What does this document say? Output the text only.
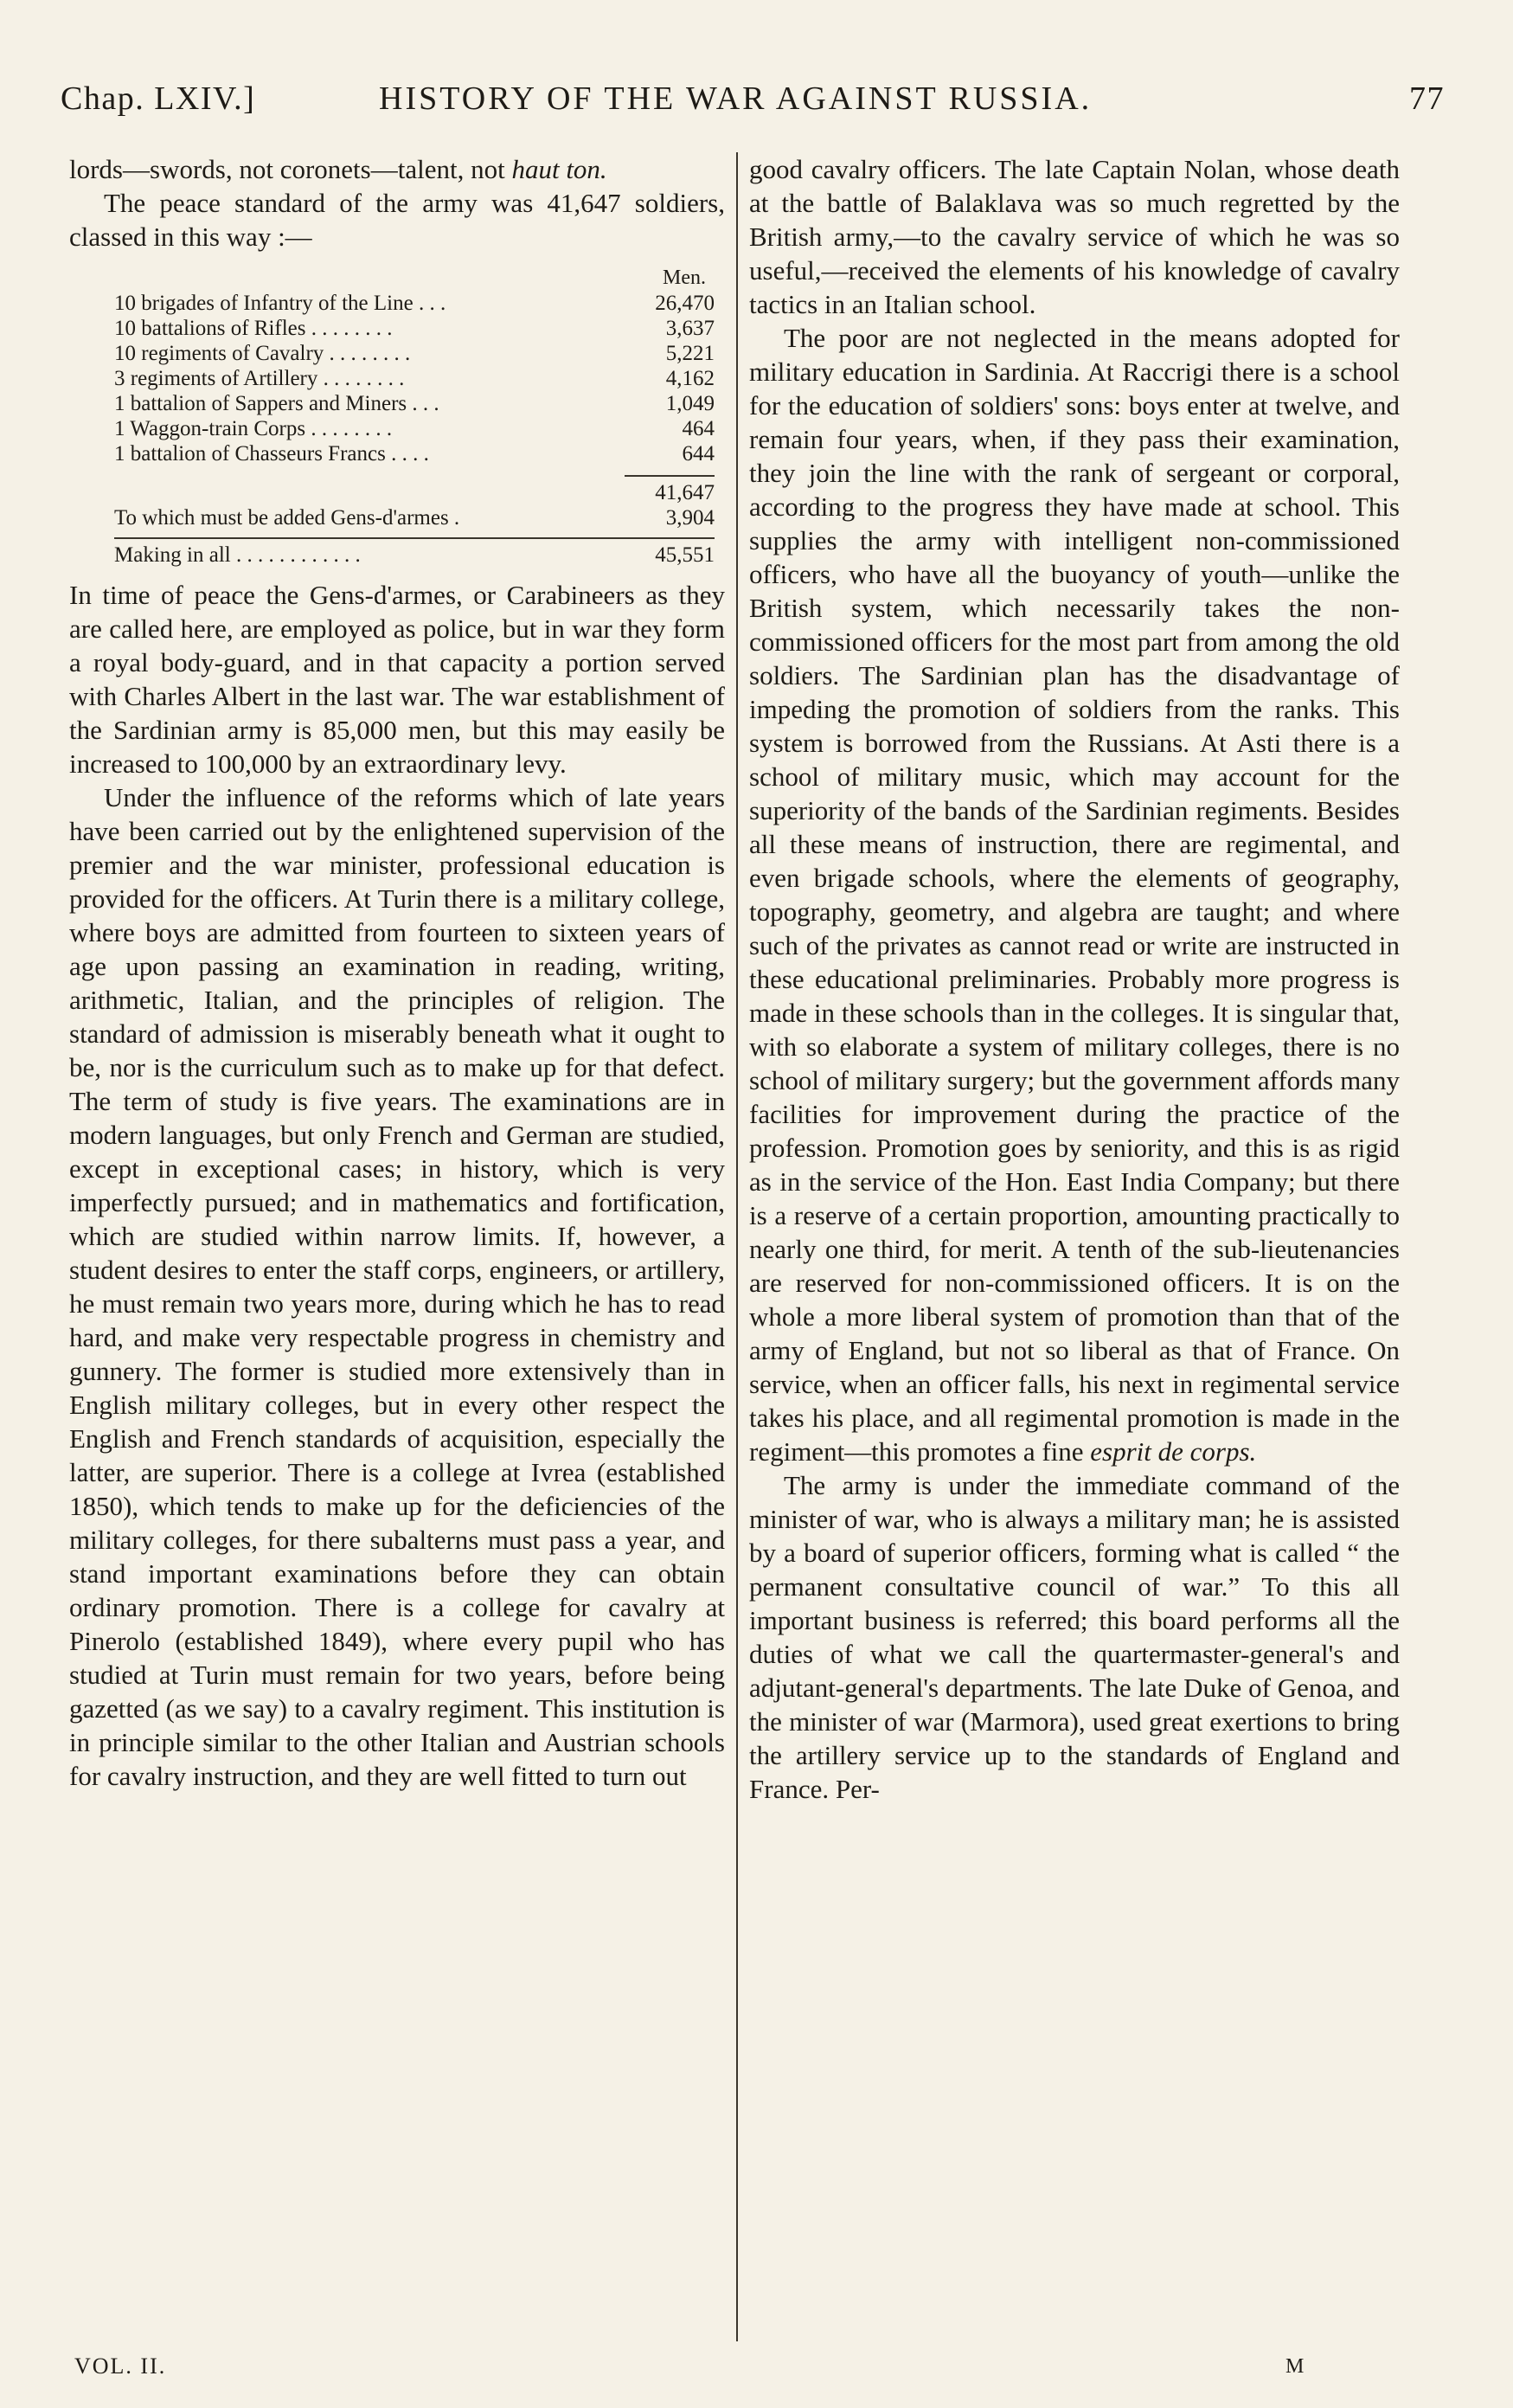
Chap. LXIV.]	HISTORY OF THE WAR AGAINST RUSSIA.	77

lords—swords, not coronets—talent, not haut ton.

The peace standard of the army was 41,647 soldiers, classed in this way :—

Men.
10 brigades of Infantry of the Line . . .	26,470
10 battalions of Rifles . . . . . . . .	3,637
10 regiments of Cavalry . . . . . . . .	5,221
3 regiments of Artillery . . . . . . . .	4,162
1 battalion of Sappers and Miners . . .	1,049
1 Waggon-train Corps . . . . . . . .	464
1 battalion of Chasseurs Francs . . . .	644
41,647
To which must be added Gens-d'armes .	3,904
Making in all . . . . . . . . . . . .	45,551

In time of peace the Gens-d'armes, or Carabineers as they are called here, are employed as police, but in war they form a royal body-guard, and in that capacity a portion served with Charles Albert in the last war. The war establishment of the Sardinian army is 85,000 men, but this may easily be increased to 100,000 by an extraordinary levy.

Under the influence of the reforms which of late years have been carried out by the enlightened supervision of the premier and the war minister, professional education is provided for the officers. At Turin there is a military college, where boys are admitted from fourteen to sixteen years of age upon passing an examination in reading, writing, arithmetic, Italian, and the principles of religion. The standard of admission is miserably beneath what it ought to be, nor is the curriculum such as to make up for that defect. The term of study is five years. The examinations are in modern languages, but only French and German are studied, except in exceptional cases; in history, which is very imperfectly pursued; and in mathematics and fortification, which are studied within narrow limits. If, however, a student desires to enter the staff corps, engineers, or artillery, he must remain two years more, during which he has to read hard, and make very respectable progress in chemistry and gunnery. The former is studied more extensively than in English military colleges, but in every other respect the English and French standards of acquisition, especially the latter, are superior. There is a college at Ivrea (established 1850), which tends to make up for the deficiencies of the military colleges, for there subalterns must pass a year, and stand important examinations before they can obtain ordinary promotion. There is a college for cavalry at Pinerolo (established 1849), where every pupil who has studied at Turin must remain for two years, before being gazetted (as we say) to a cavalry regiment. This institution is in principle similar to the other Italian and Austrian schools for cavalry instruction, and they are well fitted to turn out

good cavalry officers. The late Captain Nolan, whose death at the battle of Balaklava was so much regretted by the British army,—to the cavalry service of which he was so useful,—received the elements of his knowledge of cavalry tactics in an Italian school.

The poor are not neglected in the means adopted for military education in Sardinia. At Raccrigi there is a school for the education of soldiers' sons: boys enter at twelve, and remain four years, when, if they pass their examination, they join the line with the rank of sergeant or corporal, according to the progress they have made at school. This supplies the army with intelligent non-commissioned officers, who have all the buoyancy of youth—unlike the British system, which necessarily takes the non-commissioned officers for the most part from among the old soldiers. The Sardinian plan has the disadvantage of impeding the promotion of soldiers from the ranks. This system is borrowed from the Russians. At Asti there is a school of military music, which may account for the superiority of the bands of the Sardinian regiments. Besides all these means of instruction, there are regimental, and even brigade schools, where the elements of geography, topography, geometry, and algebra are taught; and where such of the privates as cannot read or write are instructed in these educational preliminaries. Probably more progress is made in these schools than in the colleges. It is singular that, with so elaborate a system of military colleges, there is no school of military surgery; but the government affords many facilities for improvement during the practice of the profession. Promotion goes by seniority, and this is as rigid as in the service of the Hon. East India Company; but there is a reserve of a certain proportion, amounting practically to nearly one third, for merit. A tenth of the sub-lieutenancies are reserved for non-commissioned officers. It is on the whole a more liberal system of promotion than that of the army of England, but not so liberal as that of France. On service, when an officer falls, his next in regimental service takes his place, and all regimental promotion is made in the regiment—this promotes a fine esprit de corps.

The army is under the immediate command of the minister of war, who is always a military man; he is assisted by a board of superior officers, forming what is called “ the permanent consultative council of war.” To this all important business is referred; this board performs all the duties of what we call the quartermaster-general's and adjutant-general's departments. The late Duke of Genoa, and the minister of war (Marmora), used great exertions to bring the artillery service up to the standards of England and France. Per-

VOL. II.	M
